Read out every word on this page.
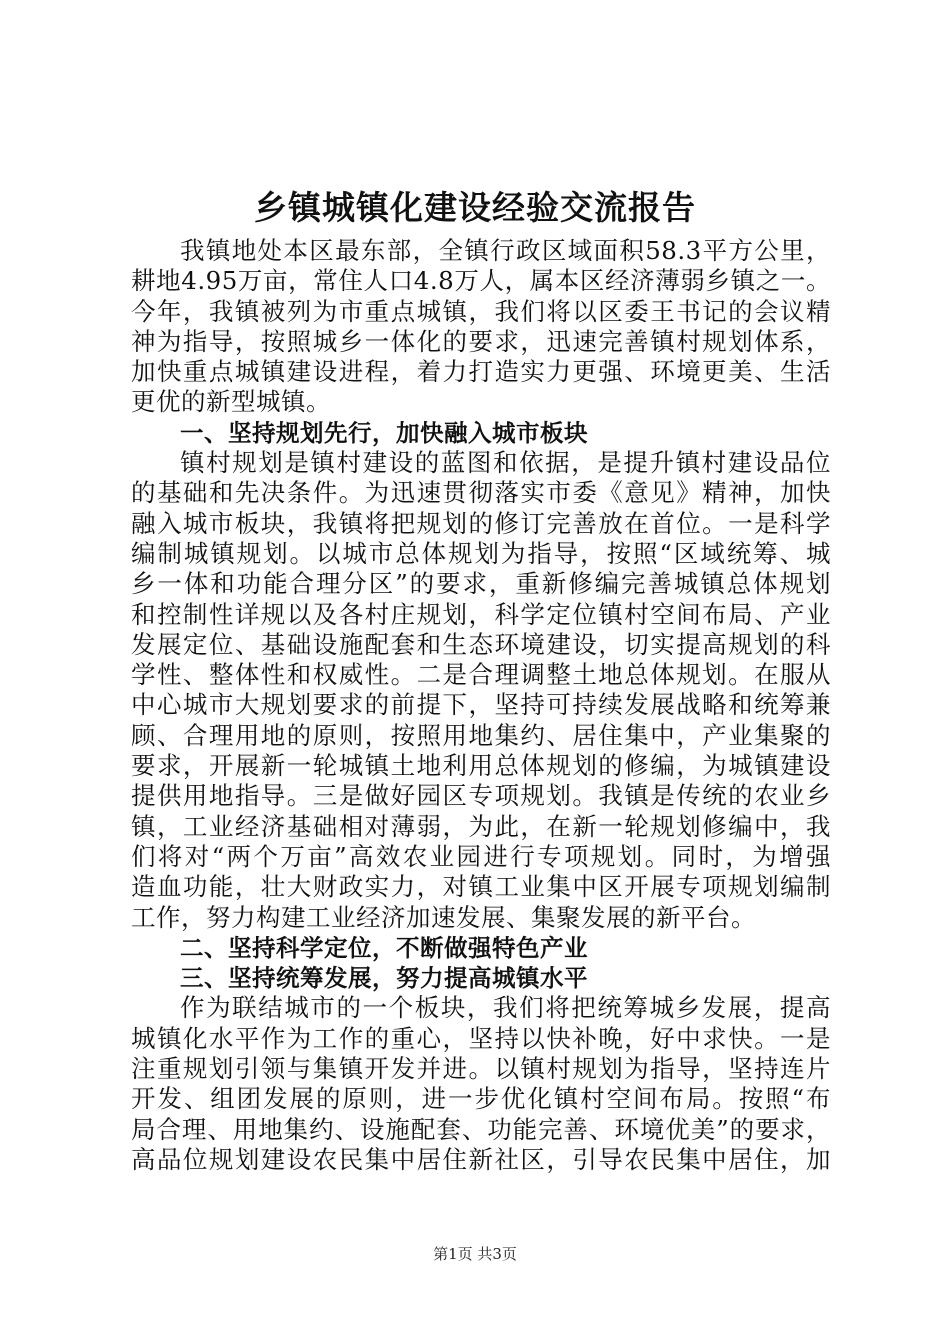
乡镇城镇化建设经验交流报告
我镇地处本区最东部，全镇行政区域面积58.3平方公里，
耕地4.95万亩，常住人口4.8万人，属本区经济薄弱乡镇之一。
今年，我镇被列为市重点城镇，我们将以区委王书记的会议精
神为指导，按照城乡一体化的要求，迅速完善镇村规划体系，
加快重点城镇建设进程，着力打造实力更强、环境更美、生活
更优的新型城镇。
一、坚持规划先行，加快融入城市板块
镇村规划是镇村建设的蓝图和依据，是提升镇村建设品位
的基础和先决条件。为迅速贯彻落实市委《意见》精神，加快
融入城市板块，我镇将把规划的修订完善放在首位。一是科学
编制城镇规划。以城市总体规划为指导，按照“区域统筹、城
乡一体和功能合理分区”的要求，重新修编完善城镇总体规划
和控制性详规以及各村庄规划，科学定位镇村空间布局、产业
发展定位、基础设施配套和生态环境建设，切实提高规划的科
学性、整体性和权威性。二是合理调整土地总体规划。在服从
中心城市大规划要求的前提下，坚持可持续发展战略和统筹兼
顾、合理用地的原则，按照用地集约、居住集中，产业集聚的
要求，开展新一轮城镇土地利用总体规划的修编，为城镇建设
提供用地指导。三是做好园区专项规划。我镇是传统的农业乡
镇，工业经济基础相对薄弱，为此，在新一轮规划修编中，我
们将对“两个万亩”高效农业园进行专项规划。同时，为增强
造血功能，壮大财政实力，对镇工业集中区开展专项规划编制
工作，努力构建工业经济加速发展、集聚发展的新平台。
二、坚持科学定位，不断做强特色产业
三、坚持统筹发展，努力提高城镇水平
作为联结城市的一个板块，我们将把统筹城乡发展，提高
城镇化水平作为工作的重心，坚持以快补晚，好中求快。一是
注重规划引领与集镇开发并进。以镇村规划为指导，坚持连片
开发、组团发展的原则，进一步优化镇村空间布局。按照“布
局合理、用地集约、设施配套、功能完善、环境优美”的要求，
高品位规划建设农民集中居住新社区，引导农民集中居住，加
第1页 共3页
